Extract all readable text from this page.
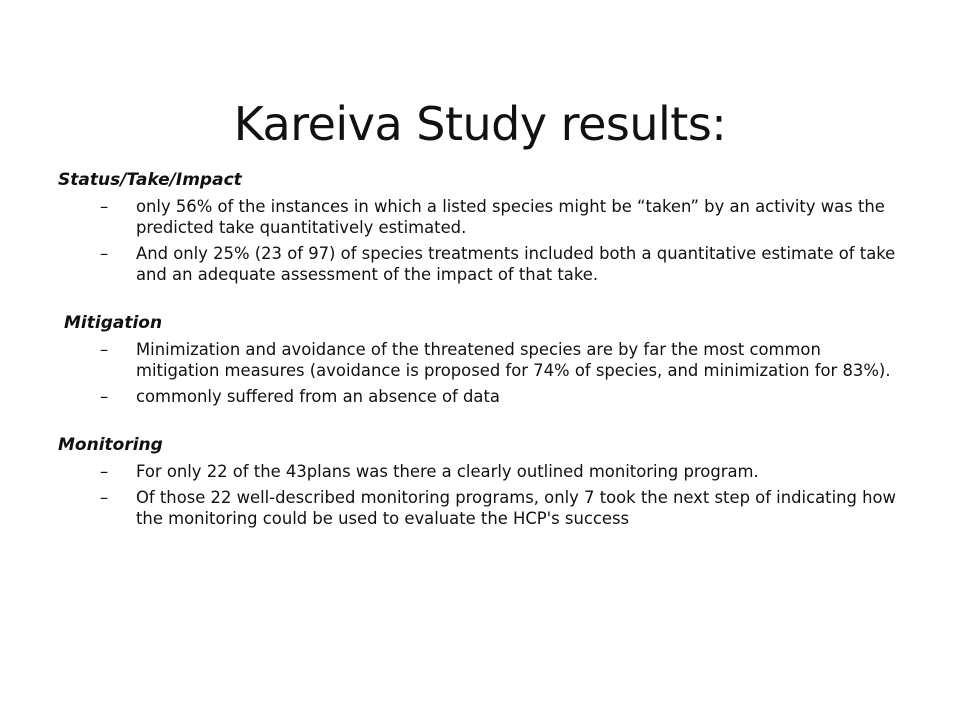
Kareiva Study results:
Status/Take/Impact
–	only 56% of the instances in which a listed species might be “taken” by an activity was the predicted take quantitatively estimated.
–	And only 25% (23 of 97) of species treatments included both a quantitative estimate of take and an adequate assessment of the impact of that take.
Mitigation
–	Minimization and avoidance of the threatened species are by far the most common mitigation measures (avoidance is proposed for 74% of species, and minimization for 83%).
–	commonly suffered from an absence of data
Monitoring
–	For only 22 of the 43plans was there a clearly outlined monitoring program.
–	Of those 22 well-described monitoring programs, only 7 took the next step of indicating how the monitoring could be used to evaluate the HCP's success
